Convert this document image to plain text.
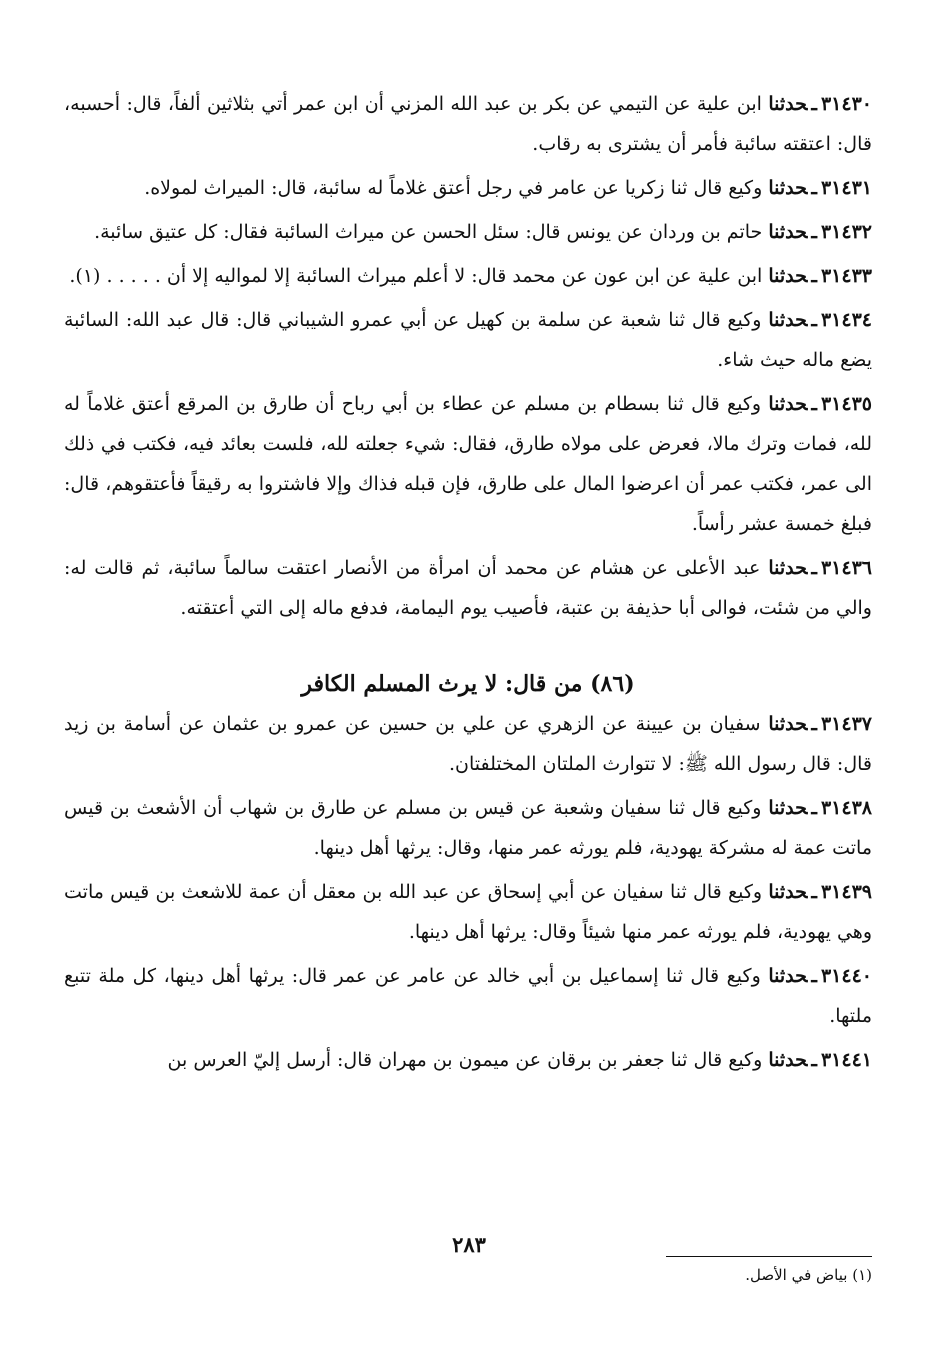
٣١٤٣٠ـحدثنا ابن علية عن التيمي عن بكر بن عبد الله المزني أن ابن عمر أتي بثلاثين ألفاً، قال: أحسبه، قال: اعتقته سائبة فأمر أن يشترى به رقاب.

٣١٤٣١ـحدثنا وكيع قال ثنا زكريا عن عامر في رجل أعتق غلاماً له سائبة، قال: الميراث لمولاه.

٣١٤٣٢ـحدثنا حاتم بن وردان عن يونس قال: سئل الحسن عن ميراث السائبة فقال: كل عتيق سائبة.

٣١٤٣٣ـحدثنا ابن علية عن ابن عون عن محمد قال: لا أعلم ميراث السائبة إلا لمواليه إلا أن . . . . . (١).

٣١٤٣٤ـحدثنا وكيع قال ثنا شعبة عن سلمة بن كهيل عن أبي عمرو الشيباني قال: قال عبد الله: السائبة يضع ماله حيث شاء.

٣١٤٣٥ـحدثنا وكيع قال ثنا بسطام بن مسلم عن عطاء بن أبي رباح أن طارق بن المرقع أعتق غلاماً له لله، فمات وترك مالا، فعرض على مولاه طارق، فقال: شيء جعلته لله، فلست بعائد فيه، فكتب في ذلك الى عمر، فكتب عمر أن اعرضوا المال على طارق، فإن قبله فذاك وإلا فاشتروا به رقيقاً فأعتقوهم، قال: فبلغ خمسة عشر رأساً.

٣١٤٣٦ـحدثنا عبد الأعلى عن هشام عن محمد أن امرأة من الأنصار اعتقت سالماً سائبة، ثم قالت له: والي من شئت، فوالى أبا حذيفة بن عتبة، فأصيب يوم اليمامة، فدفع ماله إلى التي أعتقته.

(٨٦) من قال: لا يرث المسلم الكافر

٣١٤٣٧ـحدثنا سفيان بن عيينة عن الزهري عن علي بن حسين عن عمرو بن عثمان عن أسامة بن زيد قال: قال رسول الله ﷺ: لا تتوارث الملتان المختلفتان.

٣١٤٣٨ـحدثنا وكيع قال ثنا سفيان وشعبة عن قيس بن مسلم عن طارق بن شهاب أن الأشعث بن قيس ماتت عمة له مشركة يهودية، فلم يورثه عمر منها، وقال: يرثها أهل دينها.

٣١٤٣٩ـحدثنا وكيع قال ثنا سفيان عن أبي إسحاق عن عبد الله بن معقل أن عمة للاشعث بن قيس ماتت وهي يهودية، فلم يورثه عمر منها شيئاً وقال: يرثها أهل دينها.

٣١٤٤٠ـحدثنا وكيع قال ثنا إسماعيل بن أبي خالد عن عامر عن عمر قال: يرثها أهل دينها، كل ملة تتبع ملتها.

٣١٤٤١ـحدثنا وكيع قال ثنا جعفر بن برقان عن ميمون بن مهران قال: أرسل إليّ العرس بن

٢٨٣
(١) بياض في الأصل.
